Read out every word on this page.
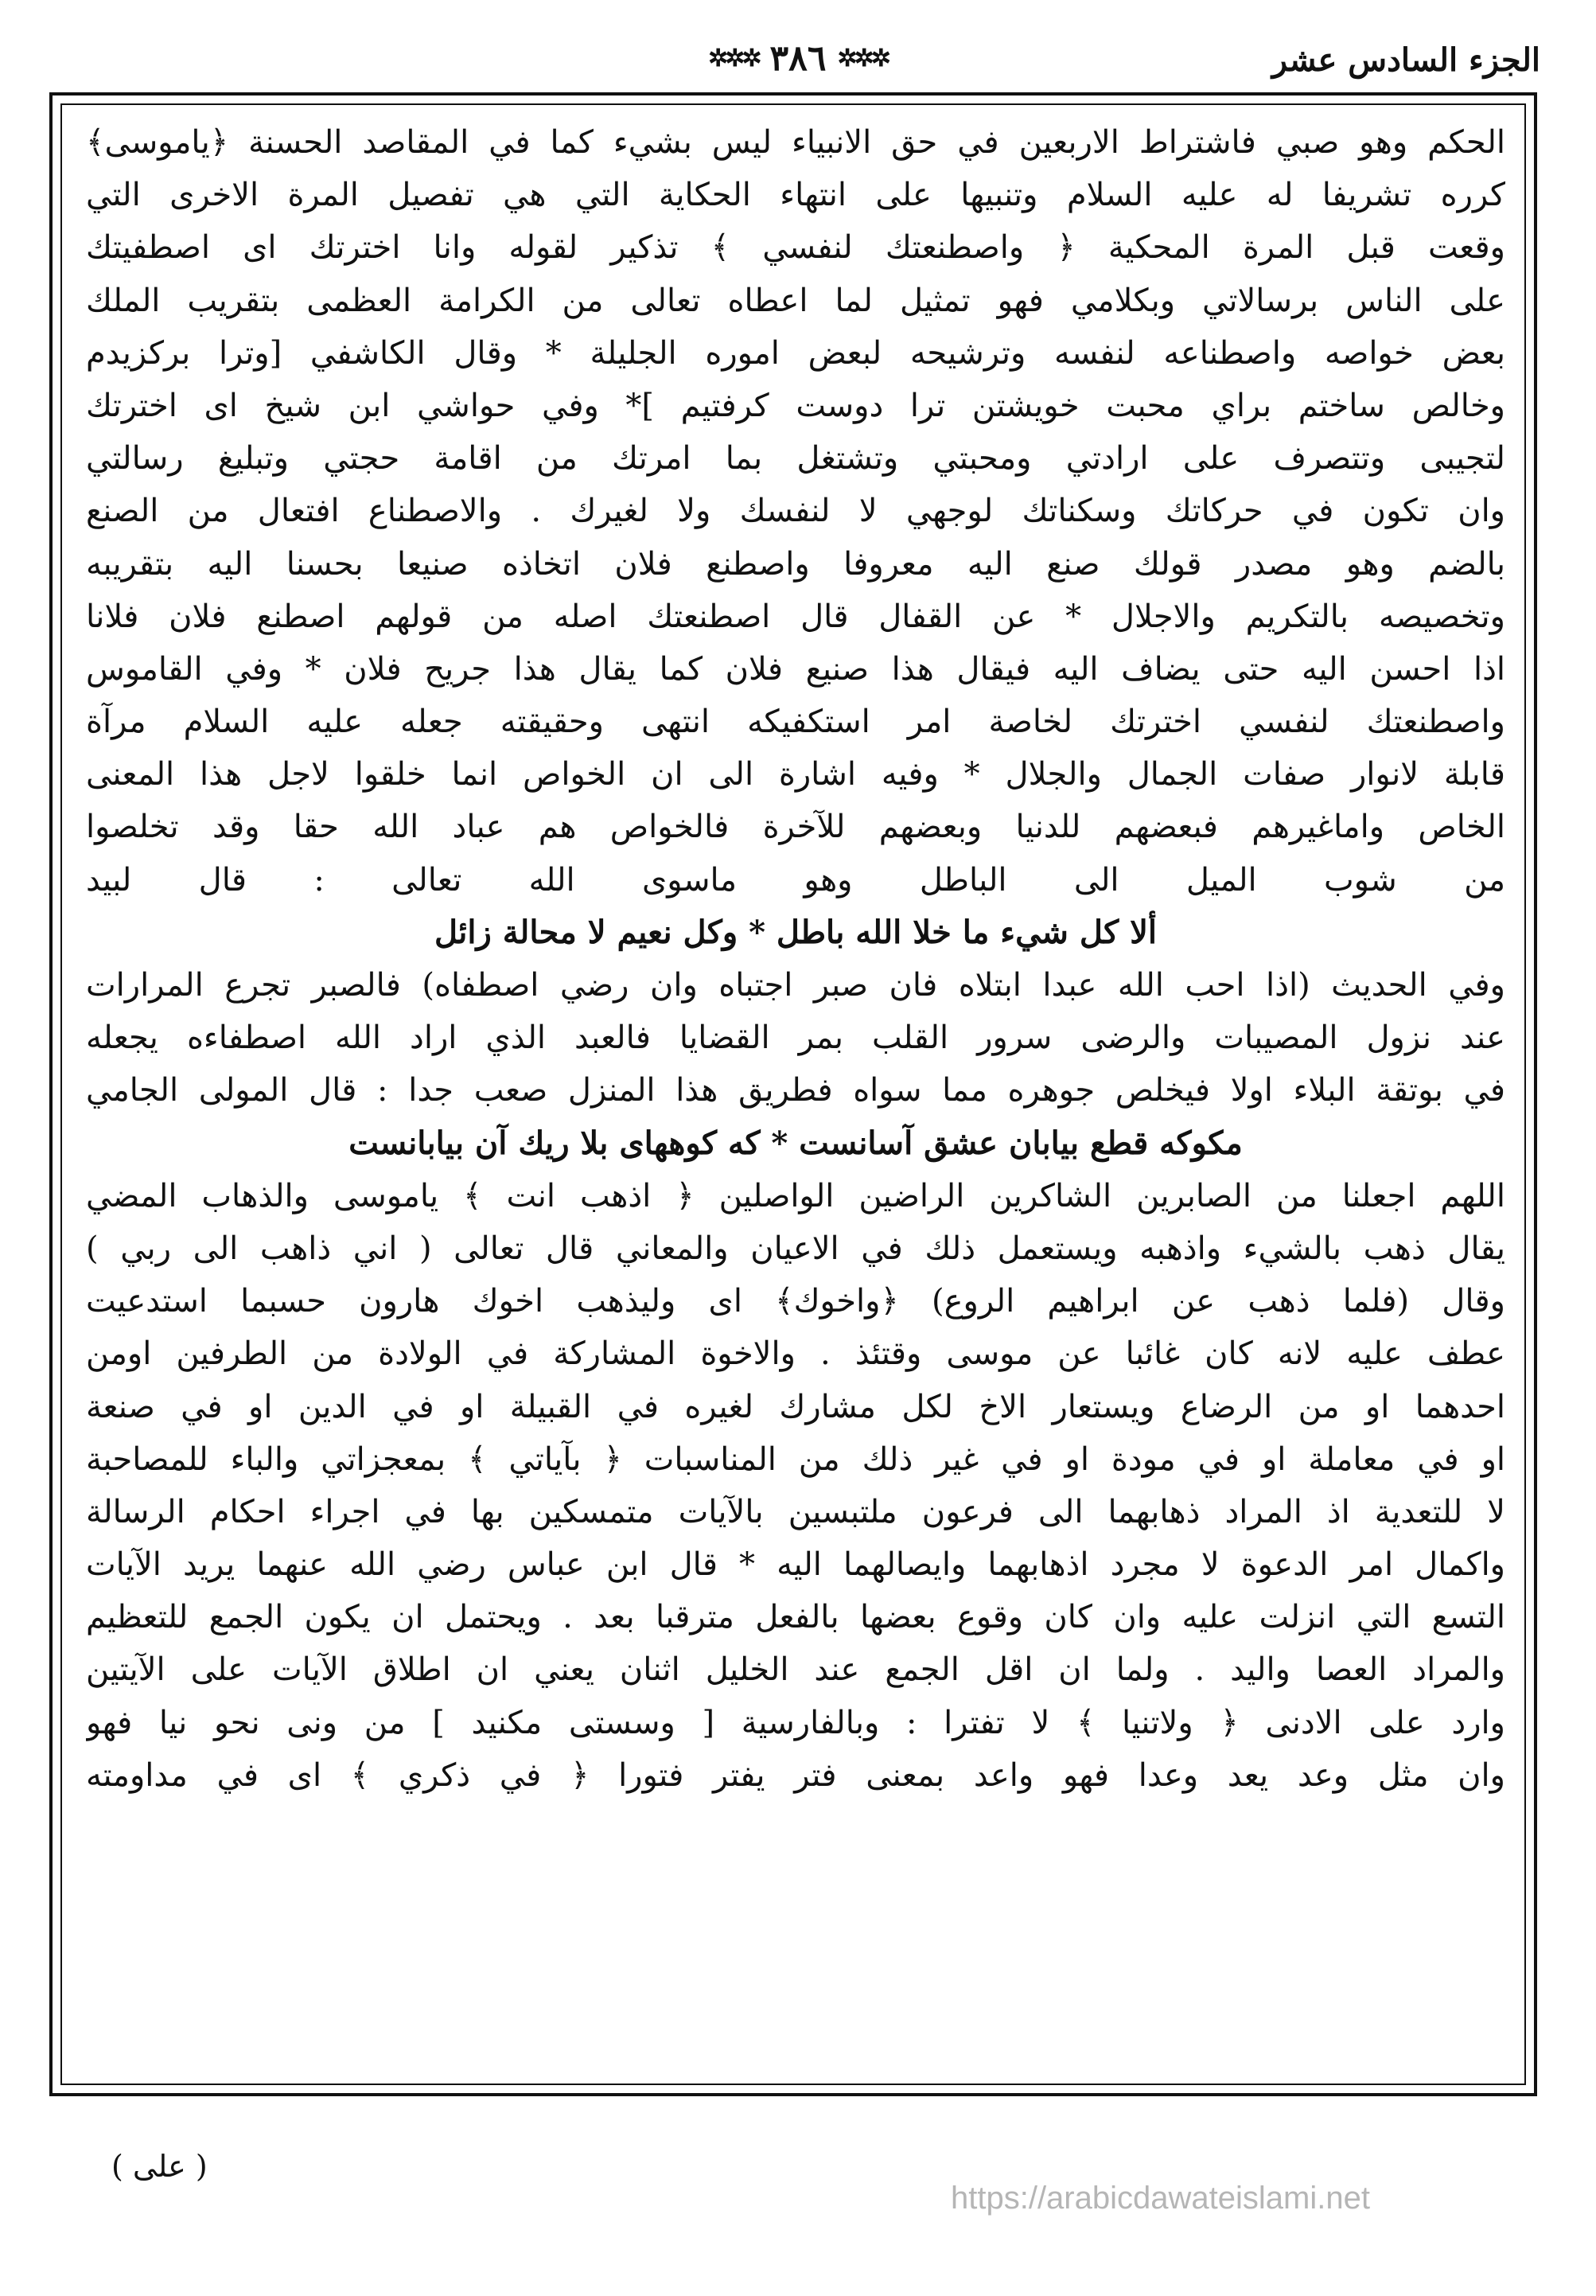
الجزء السادس عشر
✲✲✲ ٣٨٦ ✲✲✲
الحكم وهو صبي فاشتراط الاربعين في حق الانبياء ليس بشيء كما في المقاصد الحسنة ﴿ياموسى﴾
كرره تشريفا له عليه السلام وتنبيها على انتهاء الحكاية التي هي تفصيل المرة الاخرى التي
وقعت قبل المرة المحكية ﴿ واصطنعتك لنفسي ﴾ تذكير لقوله وانا اخترتك اى اصطفيتك
على الناس برسالاتي وبكلامي فهو تمثيل لما اعطاه تعالى من الكرامة العظمى بتقريب الملك
بعض خواصه واصطناعه لنفسه وترشيحه لبعض اموره الجليلة * وقال الكاشفي [وترا بركزيدم
وخالص ساختم براي محبت خويشتن ترا دوست كرفتيم ]* وفي حواشي ابن شيخ اى اخترتك
لتجيبى وتتصرف على ارادتي ومحبتي وتشتغل بما امرتك من اقامة حجتي وتبليغ رسالتي
وان تكون في حركاتك وسكناتك لوجهي لا لنفسك ولا لغيرك . والاصطناع افتعال من الصنع
بالضم وهو مصدر قولك صنع اليه معروفا واصطنع فلان اتخاذه صنيعا بحسنا اليه بتقريبه
وتخصيصه بالتكريم والاجلال * عن القفال قال اصطنعتك اصله من قولهم اصطنع فلان فلانا
اذا احسن اليه حتى يضاف اليه فيقال هذا صنيع فلان كما يقال هذا جريح فلان * وفي القاموس
واصطنعتك لنفسي اخترتك لخاصة امر استكفيكه انتهى وحقيقته جعله عليه السلام مرآة
قابلة لانوار صفات الجمال والجلال * وفيه اشارة الى ان الخواص انما خلقوا لاجل هذا المعنى
الخاص واماغيرهم فبعضهم للدنيا وبعضهم للآخرة فالخواص هم عباد الله حقا وقد تخلصوا
من شوب الميل الى الباطل وهو ماسوى الله تعالى : قال لبيد
ألا كل شيء ما خلا الله باطل * وكل نعيم لا محالة زائل
وفي الحديث (اذا احب الله عبدا ابتلاه فان صبر اجتباه وان رضي اصطفاه) فالصبر تجرع المرارات
عند نزول المصيبات والرضى سرور القلب بمر القضايا فالعبد الذي اراد الله اصطفاءه يجعله
في بوتقة البلاء اولا فيخلص جوهره مما سواه فطريق هذا المنزل صعب جدا : قال المولى الجامي
مكوكه قطع بيابان عشق آسانست * كه كوههاى بلا ريك آن بيابانست
اللهم اجعلنا من الصابرين الشاكرين الراضين الواصلين ﴿ اذهب انت ﴾ ياموسى والذهاب المضي
يقال ذهب بالشيء واذهبه ويستعمل ذلك في الاعيان والمعاني قال تعالى ( اني ذاهب الى ربي )
وقال (فلما ذهب عن ابراهيم الروع) ﴿واخوك﴾ اى وليذهب اخوك هارون حسبما استدعيت
عطف عليه لانه كان غائبا عن موسى وقتئذ . والاخوة المشاركة في الولادة من الطرفين اومن
احدهما او من الرضاع ويستعار الاخ لكل مشارك لغيره في القبيلة او في الدين او في صنعة
او في معاملة او في مودة او في غير ذلك من المناسبات ﴿ بآياتي ﴾ بمعجزاتي والباء للمصاحبة
لا للتعدية اذ المراد ذهابهما الى فرعون ملتبسين بالآيات متمسكين بها في اجراء احكام الرسالة
واكمال امر الدعوة لا مجرد اذهابهما وايصالهما اليه * قال ابن عباس رضي الله عنهما يريد الآيات
التسع التي انزلت عليه وان كان وقوع بعضها بالفعل مترقبا بعد . ويحتمل ان يكون الجمع للتعظيم
والمراد العصا واليد . ولما ان اقل الجمع عند الخليل اثنان يعني ان اطلاق الآيات على الآيتين
وارد على الادنى ﴿ ولاتنيا ﴾ لا تفترا : وبالفارسية [ وسستى مكنيد ] من ونى نحو نيا فهو
وان مثل وعد يعد وعدا فهو واعد بمعنى فتر يفتر فتورا ﴿ في ذكري ﴾ اى في مداومته
( على )
https://arabicdawateislami.net
